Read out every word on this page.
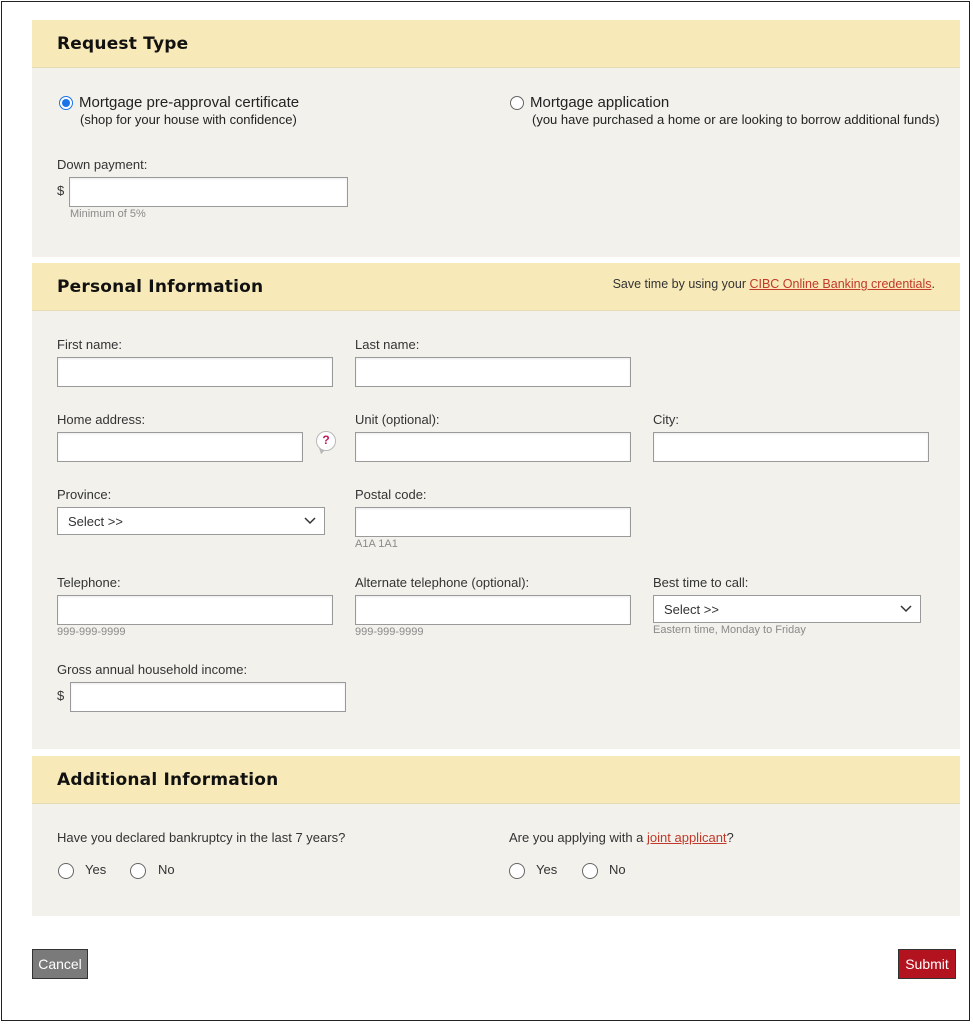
Request Type
Mortgage pre-approval certificate
(shop for your house with confidence)
Mortgage application
(you have purchased a home or are looking to borrow additional funds)
Down payment:
$
Minimum of 5%
Personal Information	Save time by using your CIBC Online Banking credentials.
First name:	Last name:
Home address:
?
Unit (optional):	City:
Province:
Select >>
Postal code:
A1A 1A1
Telephone:
999-999-9999
Alternate telephone (optional):
999-999-9999
Best time to call:
Select >>
Eastern time, Monday to Friday
Gross annual household income:
$
Additional Information
Have you declared bankruptcy in the last 7 years?
Yes	No
Are you applying with a joint applicant?
Yes	No
Cancel	Submit
